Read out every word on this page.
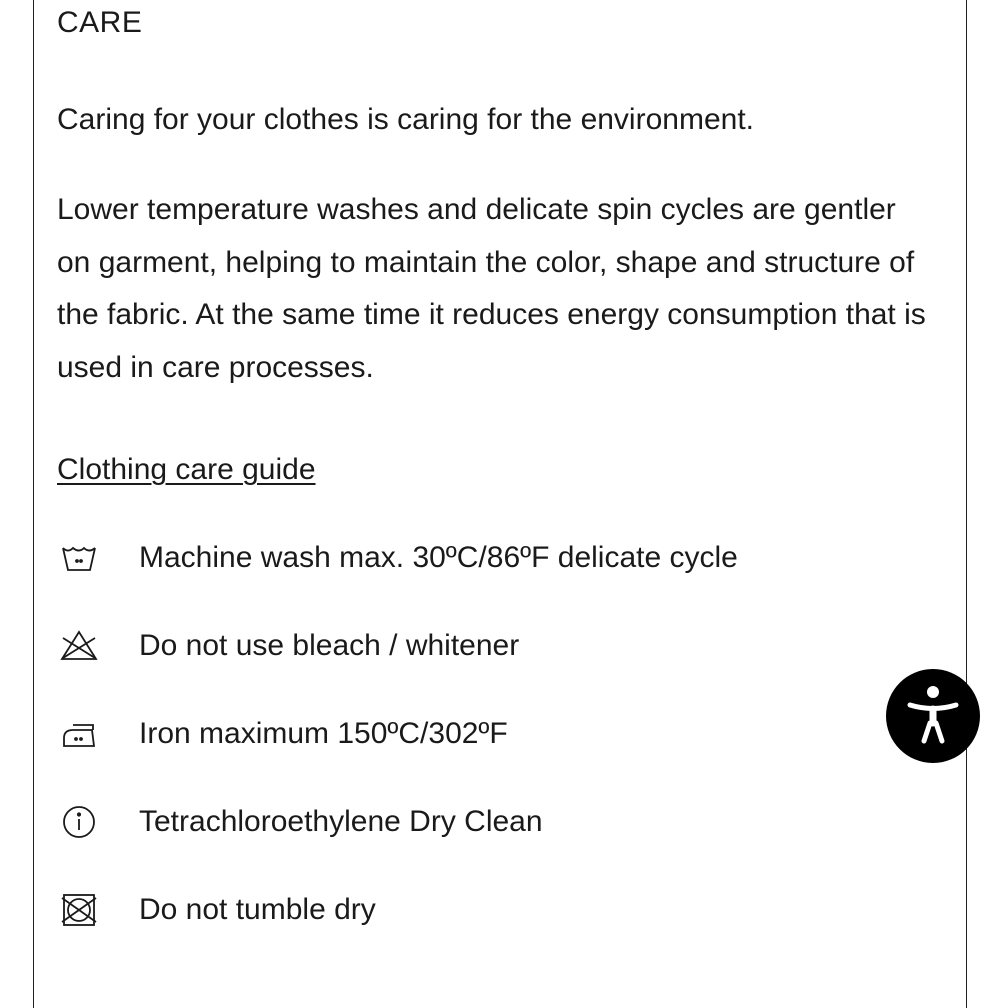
CARE

Caring for your clothes is caring for the environment.

Lower temperature washes and delicate spin cycles are gentler on garment, helping to maintain the color, shape and structure of the fabric. At the same time it reduces energy consumption that is used in care processes.

Clothing care guide
Machine wash max. 30ºC/86ºF delicate cycle
Do not use bleach / whitener
Iron maximum 150ºC/302ºF
Tetrachloroethylene Dry Clean
Do not tumble dry
